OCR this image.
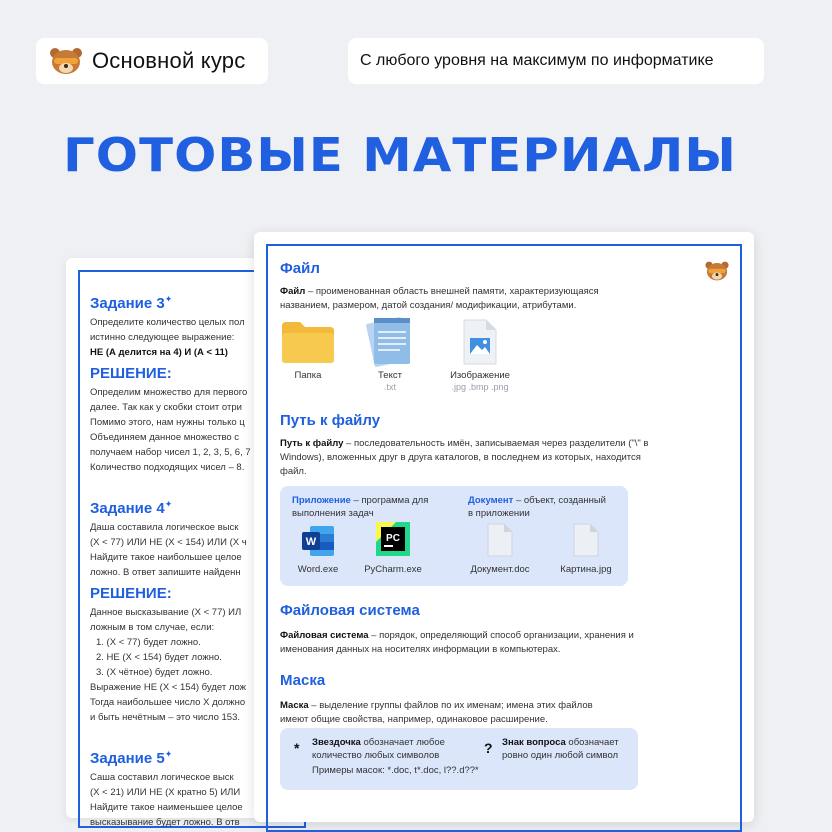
Основной курс	С любого уровня на максимум по информатике
ГОТОВЫЕ МАТЕРИАЛЫ
Задание 3✦

Определите количество целых пол

истинно следующее выражение:

НЕ (А делится на 4) И (А < 11)

РЕШЕНИЕ:

Определим множество для первого

далее. Так как у скобки стоит отри

Помимо этого, нам нужны только ц

Объединяем данное множество с

получаем набор чисел 1, 2, 3, 5, 6, 7

Количество подходящих чисел – 8.

Задание 4✦

Даша составила логическое выск

(Х < 77) ИЛИ НЕ (Х < 154) ИЛИ (Х ч

Найдите такое наибольшее целое

ложно. В ответ запишите найденн

РЕШЕНИЕ:

Данное высказывание (Х < 77) ИЛ

ложным в том случае, если:

1. (Х < 77) будет ложно.

2. НЕ (Х < 154) будет ложно.

3. (Х чётное) будет ложно.

Выражение НЕ (Х < 154) будет лож

Тогда наибольшее число Х должно

и быть нечётным – это число 153.

Задание 5✦

Саша составил логическое выск

(Х < 21) ИЛИ НЕ (Х кратно 5) ИЛИ

Найдите такое наименьшее целое

высказывание будет ложно. В отв

Файл

Файл – проименованная область внешней памяти, характеризующаяся названием, размером, датой создания/ модификации, атрибутами.

Папка	Текст
.txt
Изображение
.jpg .bmp .png
Путь к файлу

Путь к файлу – последовательность имён, записываемая через разделители ("\" в Windows), вложенных друг в друга каталогов, в последнем из которых, находится файл.

Приложение – программа для выполнения задач
Документ – объект, созданный в приложении
W
Word.exe
PC
PyCharm.exe	Документ.doc	Картина.jpg
Файловая система

Файловая система – порядок, определяющий способ организации, хранения и именования данных на носителях информации в компьютерах.

Маска

Маска – выделение группы файлов по их именам; имена этих файлов имеют общие свойства, например, одинаковое расширение.

* Звездочка обозначает любое количество любых символов	? Знак вопроса обозначает ровно один любой символ
Примеры масок: *.doc, t*.doc, l??.d??*
